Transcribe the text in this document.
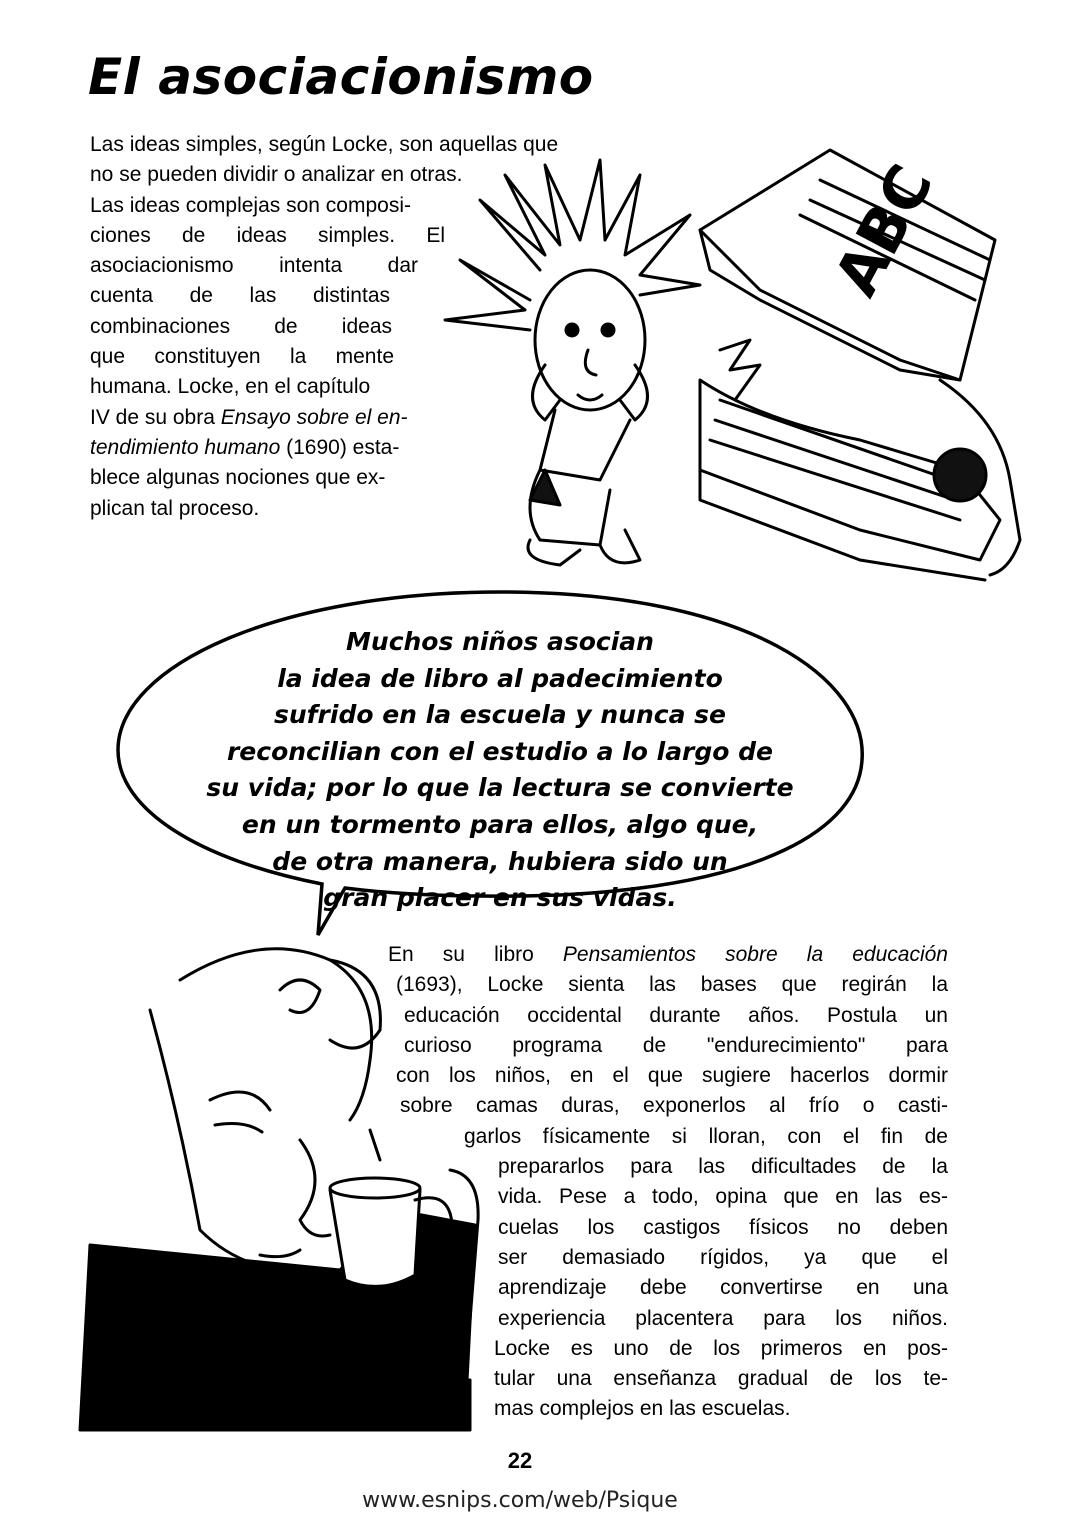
ABC
El asociacionismo
Las ideas simples, según Locke, son aquellas que
no se pueden dividir o analizar en otras.
Las ideas complejas son composi-
ciones de ideas simples. El
asociacionismo intenta dar
cuenta de las distintas
combinaciones de ideas
que constituyen la mente
humana. Locke, en el capítulo
IV de su obra Ensayo sobre el en-
tendimiento humano (1690) esta-
blece algunas nociones que ex-
plican tal proceso.
Muchos niños asocian
la idea de libro al padecimiento
sufrido en la escuela y nunca se
reconcilian con el estudio a lo largo de
su vida; por lo que la lectura se convierte
en un tormento para ellos, algo que,
de otra manera, hubiera sido un
gran placer en sus vidas.
En su libro Pensamientos sobre la educación
(1693), Locke sienta las bases que regirán la
educación occidental durante años. Postula un
curioso programa de "endurecimiento" para
con los niños, en el que sugiere hacerlos dormir
sobre camas duras, exponerlos al frío o casti-
garlos físicamente si lloran, con el fin de
prepararlos para las dificultades de la
vida. Pese a todo, opina que en las es-
cuelas los castigos físicos no deben
ser demasiado rígidos, ya que el
aprendizaje debe convertirse en una
experiencia placentera para los niños.
Locke es uno de los primeros en pos-
tular una enseñanza gradual de los te-
mas complejos en las escuelas.
22
www.esnips.com/web/Psique
